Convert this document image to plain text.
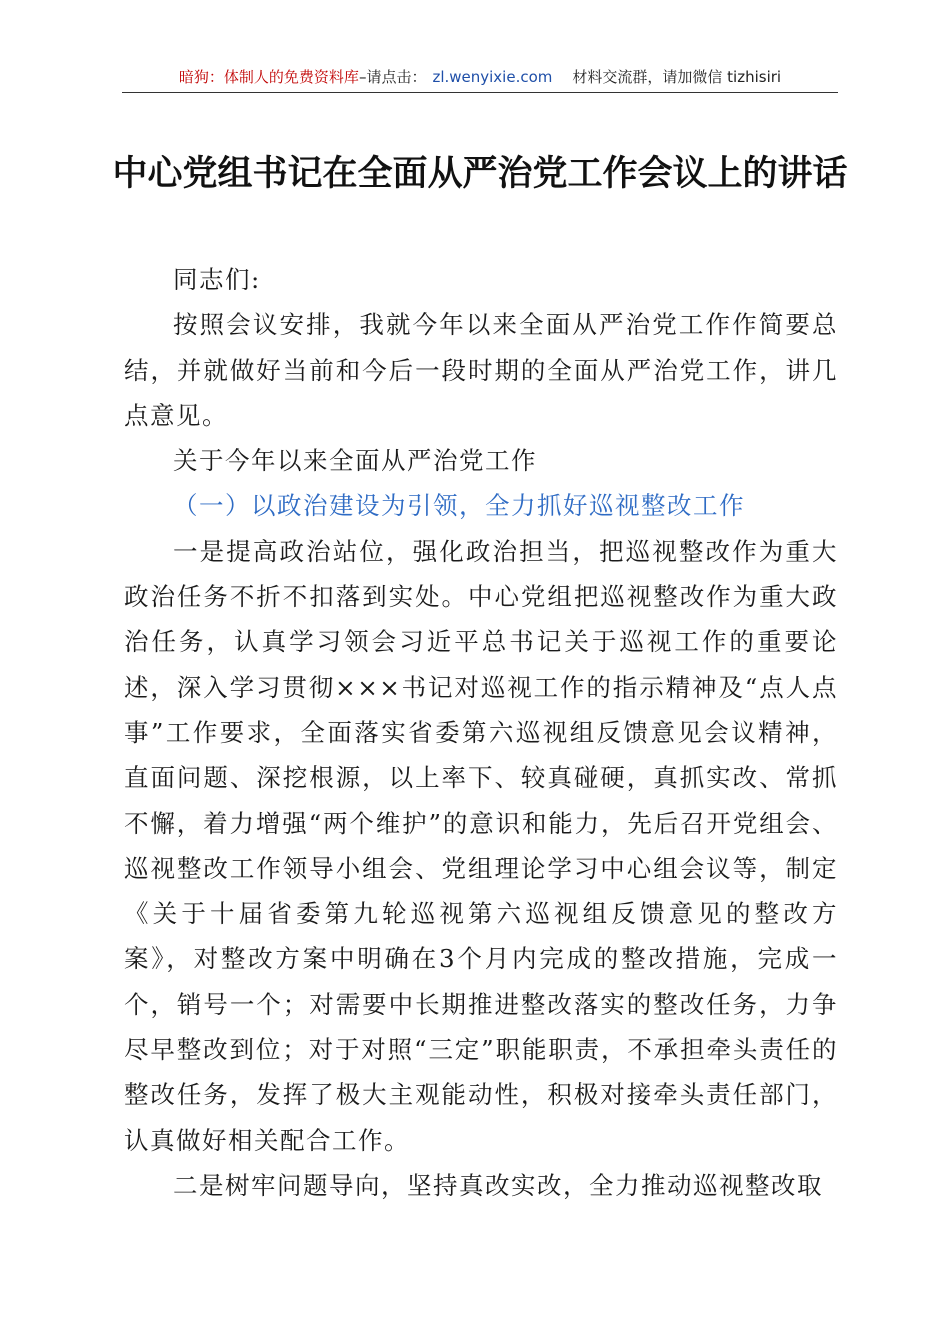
暗狗：体制人的免费资料库 –请点击： zl.wenyixie.com 材料交流群，请加微信 tizhisiri
中心党组书记在全面从严治党工作会议上的讲话

同志们:

按照会议安排，我就今年以来全面从严治党工作作简要总结，并就做好当前和今后一段时期的全面从严治党工作，讲几点意见。

关于今年以来全面从严治党工作

（一）以政治建设为引领，全力抓好巡视整改工作

一是提高政治站位，强化政治担当，把巡视整改作为重大政治任务不折不扣落到实处。中心党组把巡视整改作为重大政治任务，认真学习领会习近平总书记关于巡视工作的重要论述，深入学习贯彻×××书记对巡视工作的指示精神及“点人点事”工作要求，全面落实省委第六巡视组反馈意见会议精神，直面问题、深挖根源，以上率下、较真碰硬，真抓实改、常抓不懈，着力增强“两个维护”的意识和能力，先后召开党组会、巡视整改工作领导小组会、党组理论学习中心组会议等，制定《关于十届省委第九轮巡视第六巡视组反馈意见的整改方案》，对整改方案中明确在3个月内完成的整改措施，完成一个，销号一个；对需要中长期推进整改落实的整改任务，力争尽早整改到位；对于对照“三定”职能职责，不承担牵头责任的整改任务，发挥了极大主观能动性，积极对接牵头责任部门，认真做好相关配合工作。

二是树牢问题导向，坚持真改实改，全力推动巡视整改取
